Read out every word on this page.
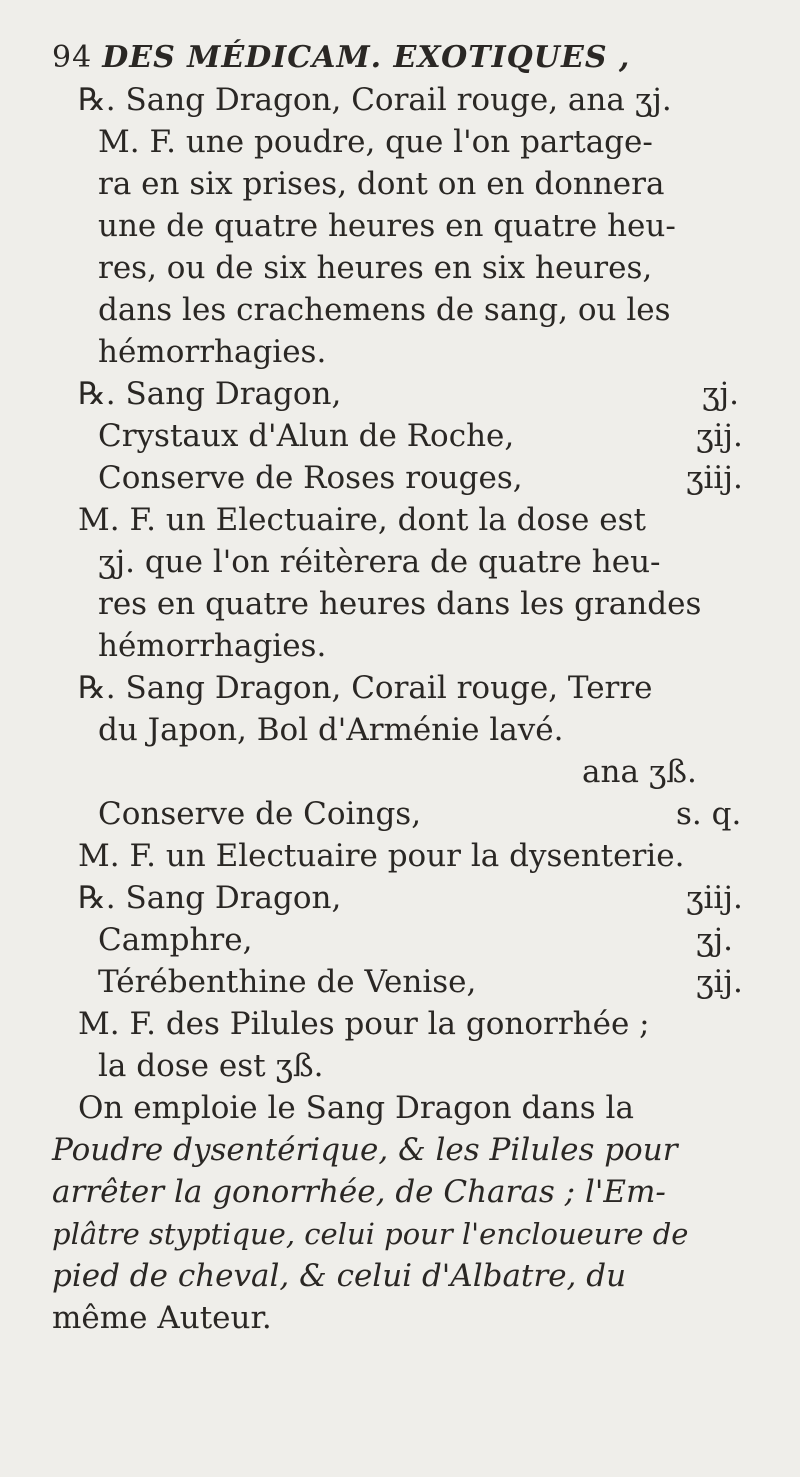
94 DES MÉDICAM. EXOTIQUES ,
℞. Sang Dragon, Corail rouge, ana ʒj.
M. F. une poudre, que l'on partage-
ra en six prises, dont on en donnera
une de quatre heures en quatre heu-
res, ou de six heures en six heures,
dans les crachemens de sang, ou les
hémorrhagies.
℞. Sang Dragon,	ʒj.
Crystaux d'Alun de Roche,	ʒij.
Conserve de Roses rouges,	ʒiij.
M. F. un Electuaire, dont la dose est
ʒj. que l'on réitèrera de quatre heu-
res en quatre heures dans les grandes
hémorrhagies.
℞. Sang Dragon, Corail rouge, Terre
du Japon, Bol d'Arménie lavé.
ana ʒß.
Conserve de Coings,	s. q.
M. F. un Electuaire pour la dysenterie.
℞. Sang Dragon,	ʒiij.
Camphre,	ʒj.
Térébenthine de Venise,	ʒij.
M. F. des Pilules pour la gonorrhée ;
la dose est ʒß.
On emploie le Sang Dragon dans la
Poudre dysentérique, & les Pilules pour
arrêter la gonorrhée, de Charas ; l'Em-
plâtre styptique, celui pour l'encloueure de
pied de cheval, & celui d'Albatre, du
même Auteur.
